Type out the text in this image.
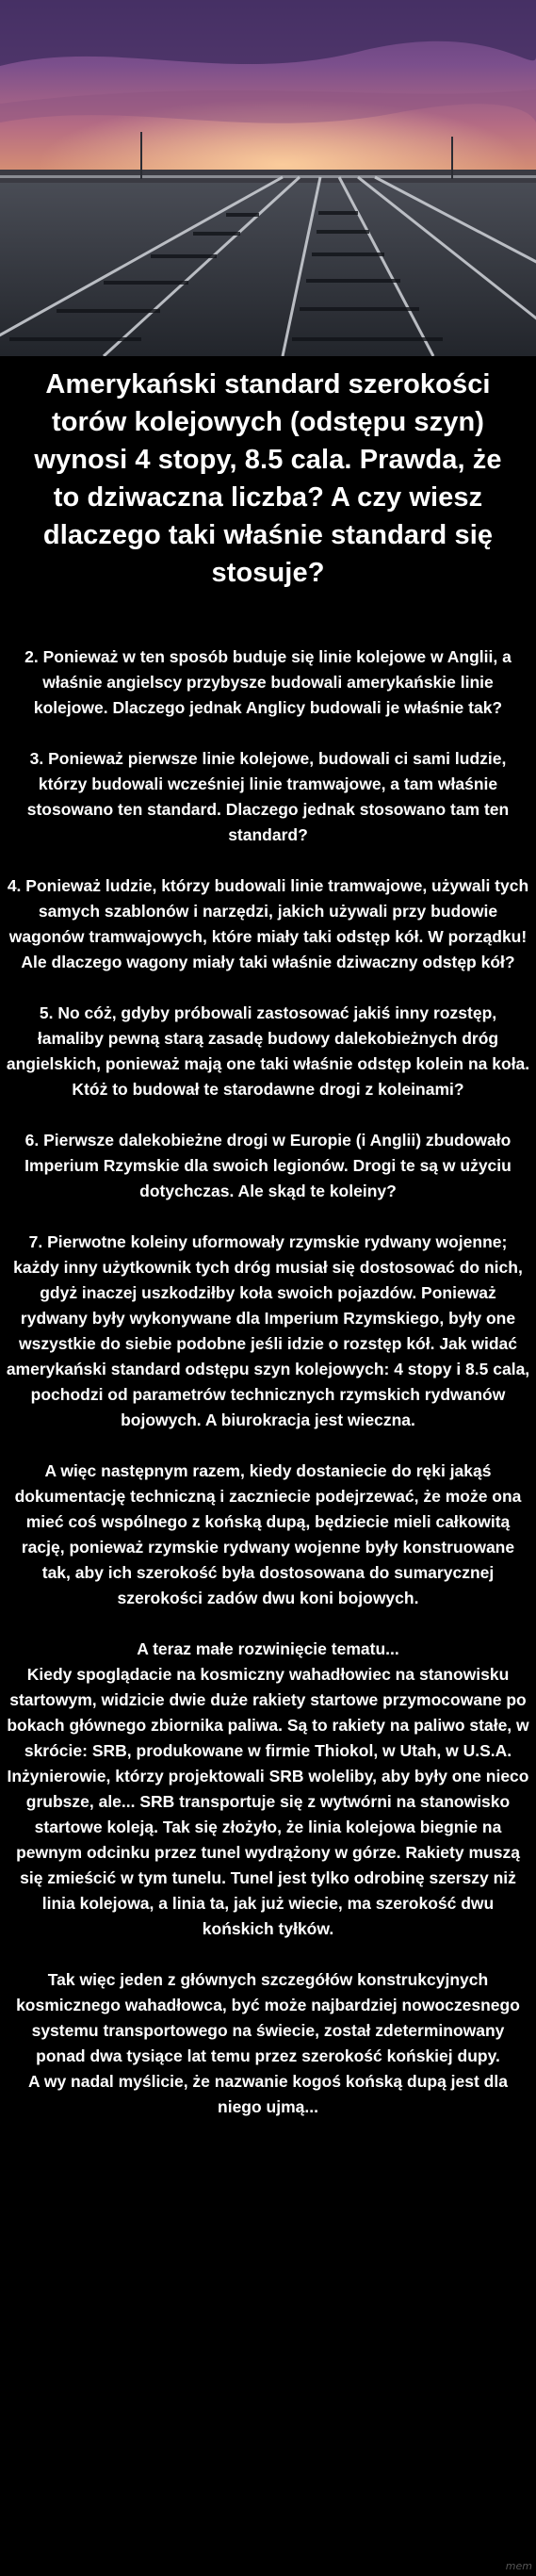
Amerykański standard szerokości torów kolejowych (odstępu szyn) wynosi 4 stopy, 8.5 cala. Prawda, że to dziwaczna liczba? A czy wiesz dlaczego taki właśnie standard się stosuje?

2. Ponieważ w ten sposób buduje się linie kolejowe w Anglii, a właśnie angielscy przybysze budowali amerykańskie linie kolejowe. Dlaczego jednak Anglicy budowali je właśnie tak?

3. Ponieważ pierwsze linie kolejowe, budowali ci sami ludzie, którzy budowali wcześniej linie tramwajowe, a tam właśnie stosowano ten standard. Dlaczego jednak stosowano tam ten standard?

4. Ponieważ ludzie, którzy budowali linie tramwajowe, używali tych samych szablonów i narzędzi, jakich używali przy budowie wagonów tramwajowych, które miały taki odstęp kół. W porządku! Ale dlaczego wagony miały taki właśnie dziwaczny odstęp kół?

5. No cóż, gdyby próbowali zastosować jakiś inny rozstęp, łamaliby pewną starą zasadę budowy dalekobieżnych dróg angielskich, ponieważ mają one taki właśnie odstęp kolein na koła. Któż to budował te starodawne drogi z koleinami?

6. Pierwsze dalekobieżne drogi w Europie (i Anglii) zbudowało Imperium Rzymskie dla swoich legionów. Drogi te są w użyciu dotychczas. Ale skąd te koleiny?

7. Pierwotne koleiny uformowały rzymskie rydwany wojenne; każdy inny użytkownik tych dróg musiał się dostosować do nich, gdyż inaczej uszkodziłby koła swoich pojazdów. Ponieważ rydwany były wykonywane dla Imperium Rzymskiego, były one wszystkie do siebie podobne jeśli idzie o rozstęp kół. Jak widać amerykański standard odstępu szyn kolejowych: 4 stopy i 8.5 cala, pochodzi od parametrów technicznych rzymskich rydwanów bojowych. A biurokracja jest wieczna.

A więc następnym razem, kiedy dostaniecie do ręki jakąś dokumentację techniczną i zaczniecie podejrzewać, że może ona mieć coś wspólnego z końską dupą, będziecie mieli całkowitą rację, ponieważ rzymskie rydwany wojenne były konstruowane tak, aby ich szerokość była dostosowana do sumarycznej szerokości zadów dwu koni bojowych.

A teraz małe rozwinięcie tematu...
Kiedy spoglądacie na kosmiczny wahadłowiec na stanowisku startowym, widzicie dwie duże rakiety startowe przymocowane po bokach głównego zbiornika paliwa. Są to rakiety na paliwo stałe, w skrócie: SRB, produkowane w firmie Thiokol, w Utah, w U.S.A. Inżynierowie, którzy projektowali SRB woleliby, aby były one nieco grubsze, ale... SRB transportuje się z wytwórni na stanowisko startowe koleją. Tak się złożyło, że linia kolejowa biegnie na pewnym odcinku przez tunel wydrążony w górze. Rakiety muszą się zmieścić w tym tunelu. Tunel jest tylko odrobinę szerszy niż linia kolejowa, a linia ta, jak już wiecie, ma szerokość dwu końskich tyłków.

Tak więc jeden z głównych szczegółów konstrukcyjnych kosmicznego wahadłowca, być może najbardziej nowoczesnego systemu transportowego na świecie, został zdeterminowany ponad dwa tysiące lat temu przez szerokość końskiej dupy.
A wy nadal myślicie, że nazwanie kogoś końską dupą jest dla niego ujmą...

mem
